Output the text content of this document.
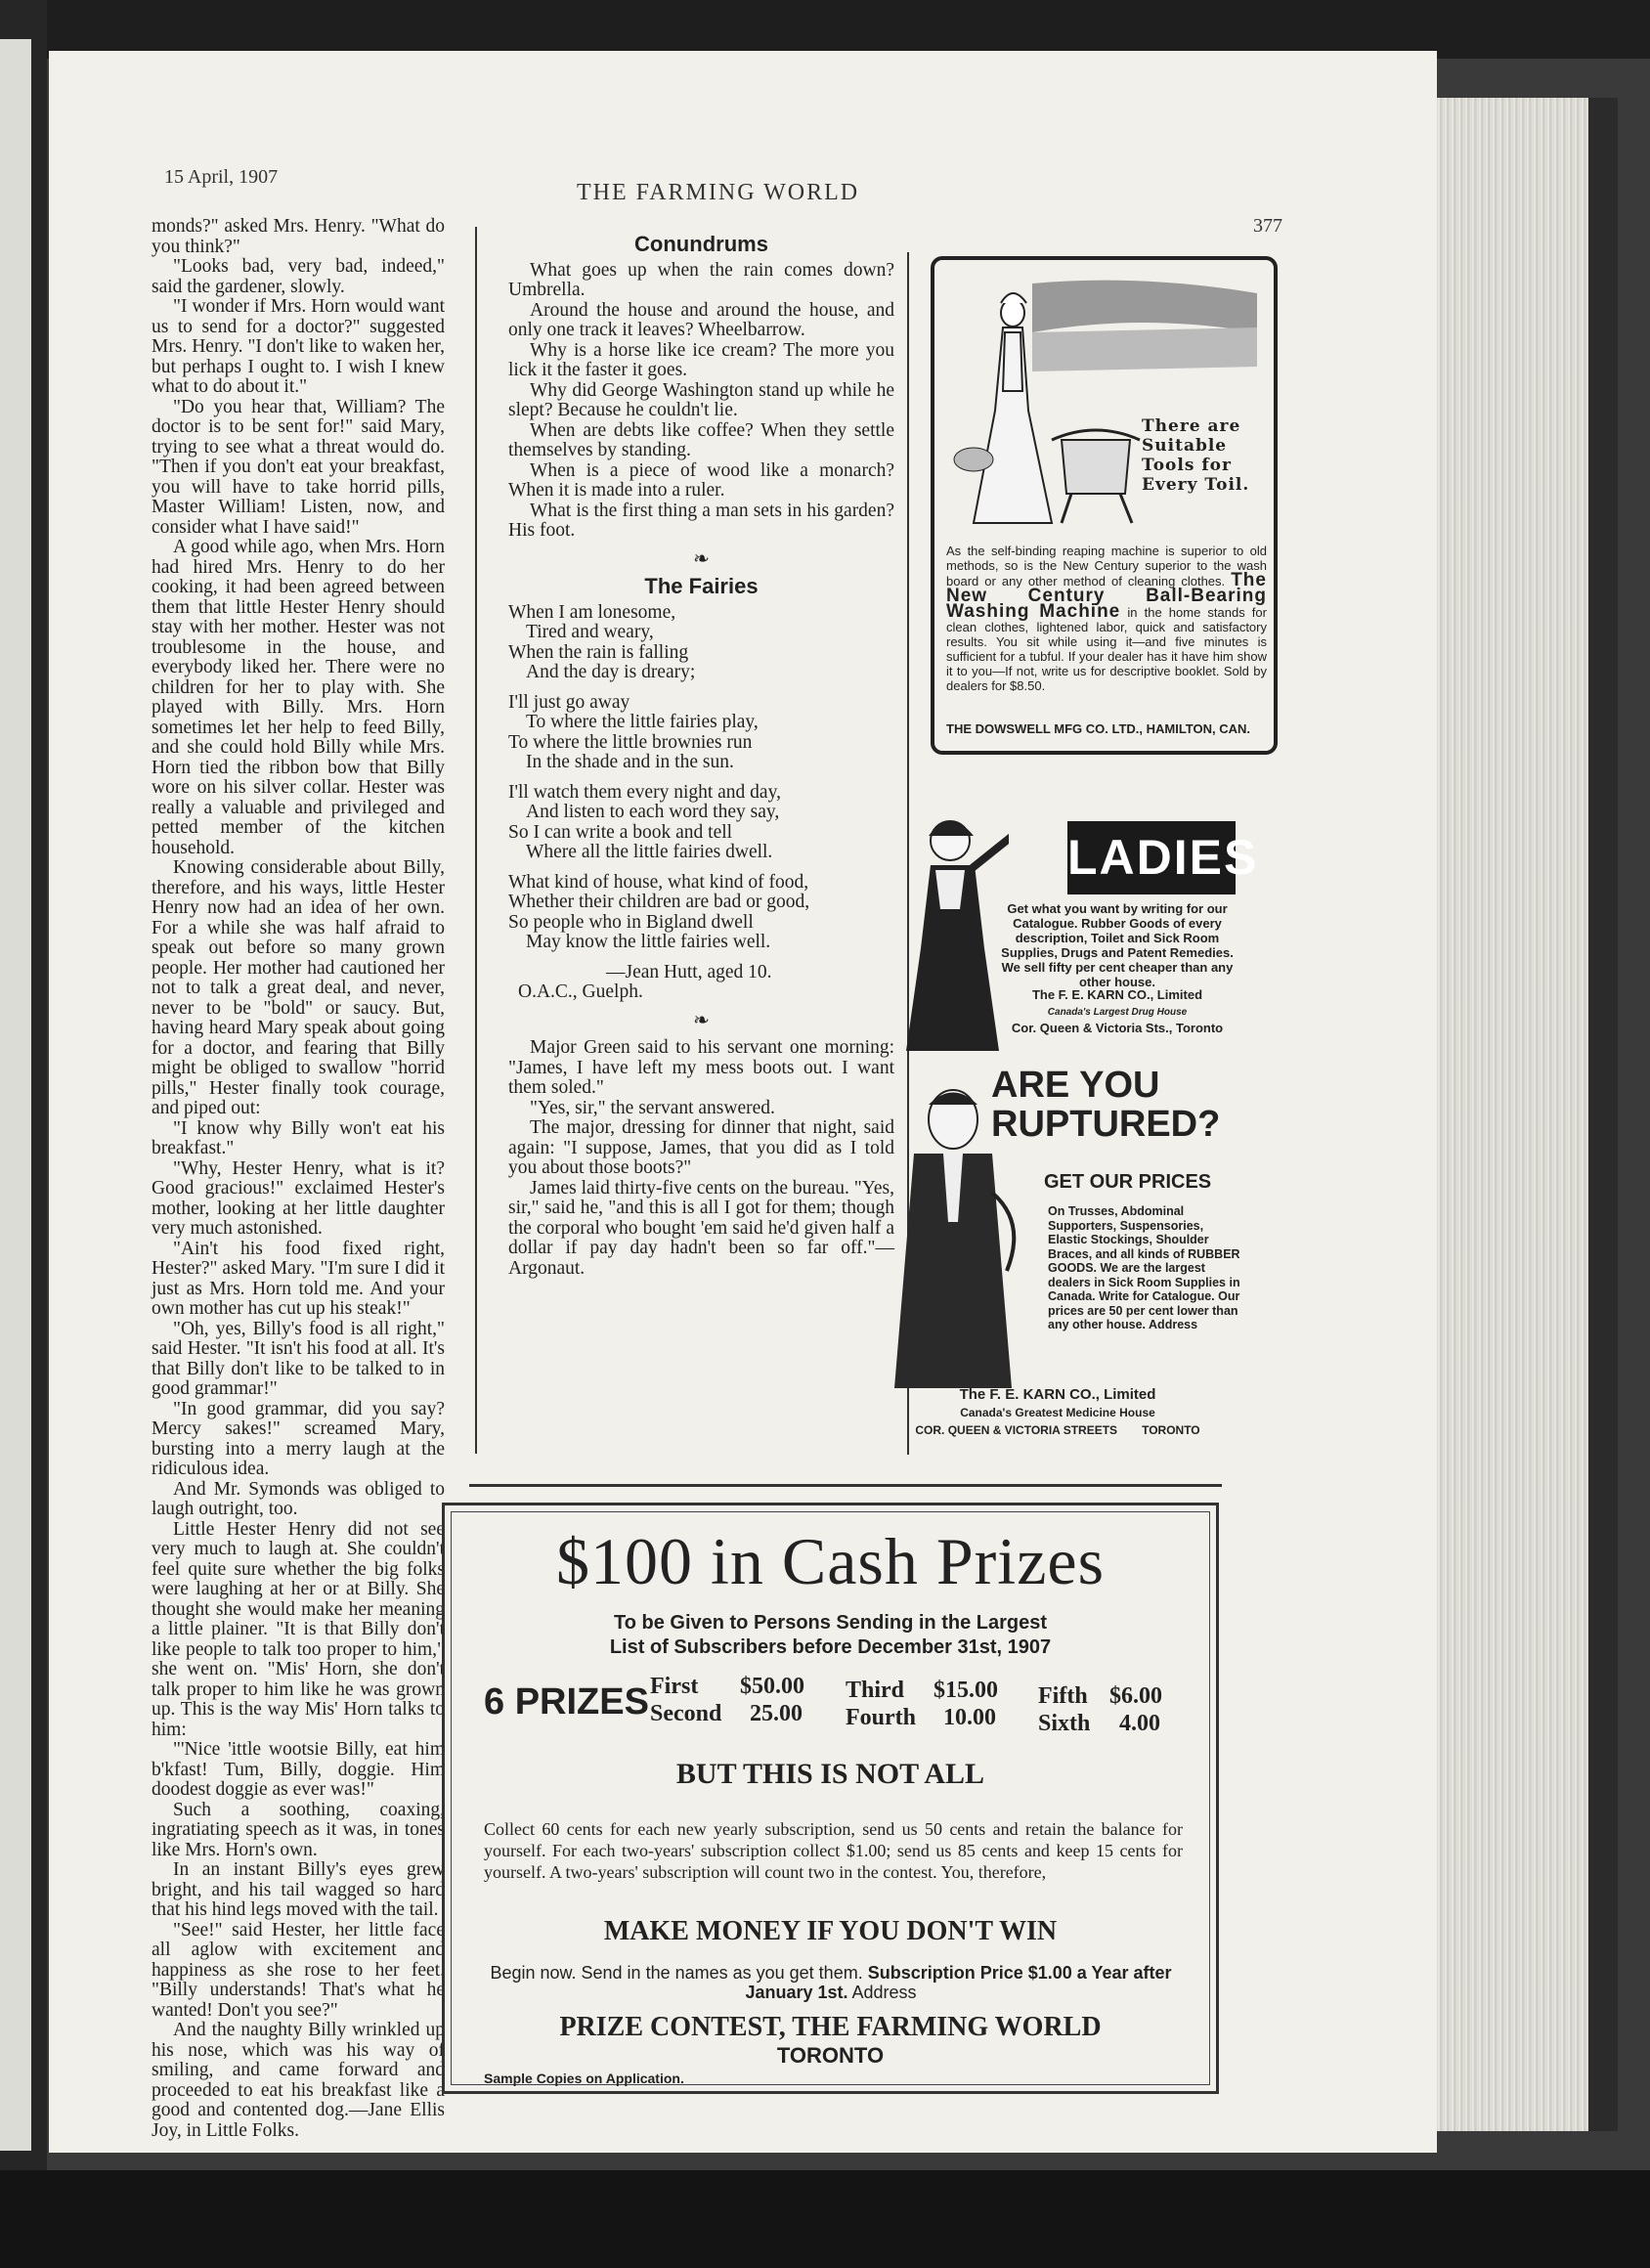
15 April, 1907
THE FARMING WORLD
377

monds?" asked Mrs. Henry. "What do you think?"

"Looks bad, very bad, indeed," said the gardener, slowly.

"I wonder if Mrs. Horn would want us to send for a doctor?" suggested Mrs. Henry. "I don't like to waken her, but perhaps I ought to. I wish I knew what to do about it."

"Do you hear that, William? The doctor is to be sent for!" said Mary, trying to see what a threat would do. "Then if you don't eat your breakfast, you will have to take horrid pills, Master William! Listen, now, and consider what I have said!"

A good while ago, when Mrs. Horn had hired Mrs. Henry to do her cooking, it had been agreed between them that little Hester Henry should stay with her mother. Hester was not troublesome in the house, and everybody liked her. There were no children for her to play with. She played with Billy. Mrs. Horn sometimes let her help to feed Billy, and she could hold Billy while Mrs. Horn tied the ribbon bow that Billy wore on his silver collar. Hester was really a valuable and privileged and petted member of the kitchen household.

Knowing considerable about Billy, therefore, and his ways, little Hester Henry now had an idea of her own. For a while she was half afraid to speak out before so many grown people. Her mother had cautioned her not to talk a great deal, and never, never to be "bold" or saucy. But, having heard Mary speak about going for a doctor, and fearing that Billy might be obliged to swallow "horrid pills," Hester finally took courage, and piped out:

"I know why Billy won't eat his breakfast."

"Why, Hester Henry, what is it? Good gracious!" exclaimed Hester's mother, looking at her little daughter very much astonished.

"Ain't his food fixed right, Hester?" asked Mary. "I'm sure I did it just as Mrs. Horn told me. And your own mother has cut up his steak!"

"Oh, yes, Billy's food is all right," said Hester. "It isn't his food at all. It's that Billy don't like to be talked to in good grammar!"

"In good grammar, did you say? Mercy sakes!" screamed Mary, bursting into a merry laugh at the ridiculous idea.

And Mr. Symonds was obliged to laugh outright, too.

Little Hester Henry did not see very much to laugh at. She couldn't feel quite sure whether the big folks were laughing at her or at Billy. She thought she would make her meaning a little plainer. "It is that Billy don't like people to talk too proper to him," she went on. "Mis' Horn, she don't talk proper to him like he was grown up. This is the way Mis' Horn talks to him:

"'Nice 'ittle wootsie Billy, eat him b'kfast! Tum, Billy, doggie. Him doodest doggie as ever was!"

Such a soothing, coaxing, ingratiating speech as it was, in tones like Mrs. Horn's own.

In an instant Billy's eyes grew bright, and his tail wagged so hard that his hind legs moved with the tail.

"See!" said Hester, her little face all aglow with excitement and happiness as she rose to her feet. "Billy understands! That's what he wanted! Don't you see?"

And the naughty Billy wrinkled up his nose, which was his way of smiling, and came forward and proceeded to eat his breakfast like a good and contented dog.—Jane Ellis Joy, in Little Folks.

Conundrums

What goes up when the rain comes down? Umbrella.

Around the house and around the house, and only one track it leaves? Wheelbarrow.

Why is a horse like ice cream? The more you lick it the faster it goes.

Why did George Washington stand up while he slept? Because he couldn't lie.

When are debts like coffee? When they settle themselves by standing.

When is a piece of wood like a monarch? When it is made into a ruler.

What is the first thing a man sets in his garden? His foot.

❧
The Fairies
When I am lonesome,
Tired and weary,
When the rain is falling
And the day is dreary;
I'll just go away
To where the little fairies play,
To where the little brownies run
In the shade and in the sun.
I'll watch them every night and day,
And listen to each word they say,
So I can write a book and tell
Where all the little fairies dwell.
What kind of house, what kind of food,
Whether their children are bad or good,
So people who in Bigland dwell
May know the little fairies well.
—Jean Hutt, aged 10.
O.A.C., Guelph.
❧

Major Green said to his servant one morning: "James, I have left my mess boots out. I want them soled."

"Yes, sir," the servant answered.

The major, dressing for dinner that night, said again: "I suppose, James, that you did as I told you about those boots?"

James laid thirty-five cents on the bureau. "Yes, sir," said he, "and this is all I got for them; though the corporal who bought 'em said he'd given half a dollar if pay day hadn't been so far off."—Argonaut.

There are Suitable Tools for Every Toil.
As the self-binding reaping machine is superior to old methods, so is the New Century superior to the wash board or any other method of cleaning clothes. The New Century Ball-Bearing Washing Machine in the home stands for clean clothes, lightened labor, quick and satisfactory results. You sit while using it—and five minutes is sufficient for a tubful. If your dealer has it have him show it to you—If not, write us for descriptive booklet. Sold by dealers for $8.50.
THE DOWSWELL MFG CO. LTD., HAMILTON, CAN.
LADIES
Get what you want by writing for our Catalogue. Rubber Goods of every description, Toilet and Sick Room Supplies, Drugs and Patent Remedies. We sell fifty per cent cheaper than any other house.
The F. E. KARN CO., Limited
Canada's Largest Drug House
Cor. Queen & Victoria Sts., Toronto
ARE YOU RUPTURED?
GET OUR PRICES
On Trusses, Abdominal Supporters, Suspensories, Elastic Stockings, Shoulder Braces, and all kinds of RUBBER GOODS. We are the largest dealers in Sick Room Supplies in Canada. Write for Catalogue. Our prices are 50 per cent lower than any other house. Address
The F. E. KARN CO., Limited
Canada's Greatest Medicine House
COR. QUEEN & VICTORIA STREETS TORONTO
$100 in Cash Prizes
To be Given to Persons Sending in the Largest
List of Subscribers before December 31st, 1907
6 PRIZES First $50.00
Second 25.00
Third $15.00
Fourth 10.00
Fifth $6.00
Sixth 4.00
BUT THIS IS NOT ALL
Collect 60 cents for each new yearly subscription, send us 50 cents and retain the balance for yourself. For each two-years' subscription collect $1.00; send us 85 cents and keep 15 cents for yourself. A two-years' subscription will count two in the contest. You, therefore,
MAKE MONEY IF YOU DON'T WIN
Begin now. Send in the names as you get them. Subscription Price $1.00 a Year after January 1st. Address
PRIZE CONTEST, THE FARMING WORLD
TORONTO
Sample Copies on Application.
